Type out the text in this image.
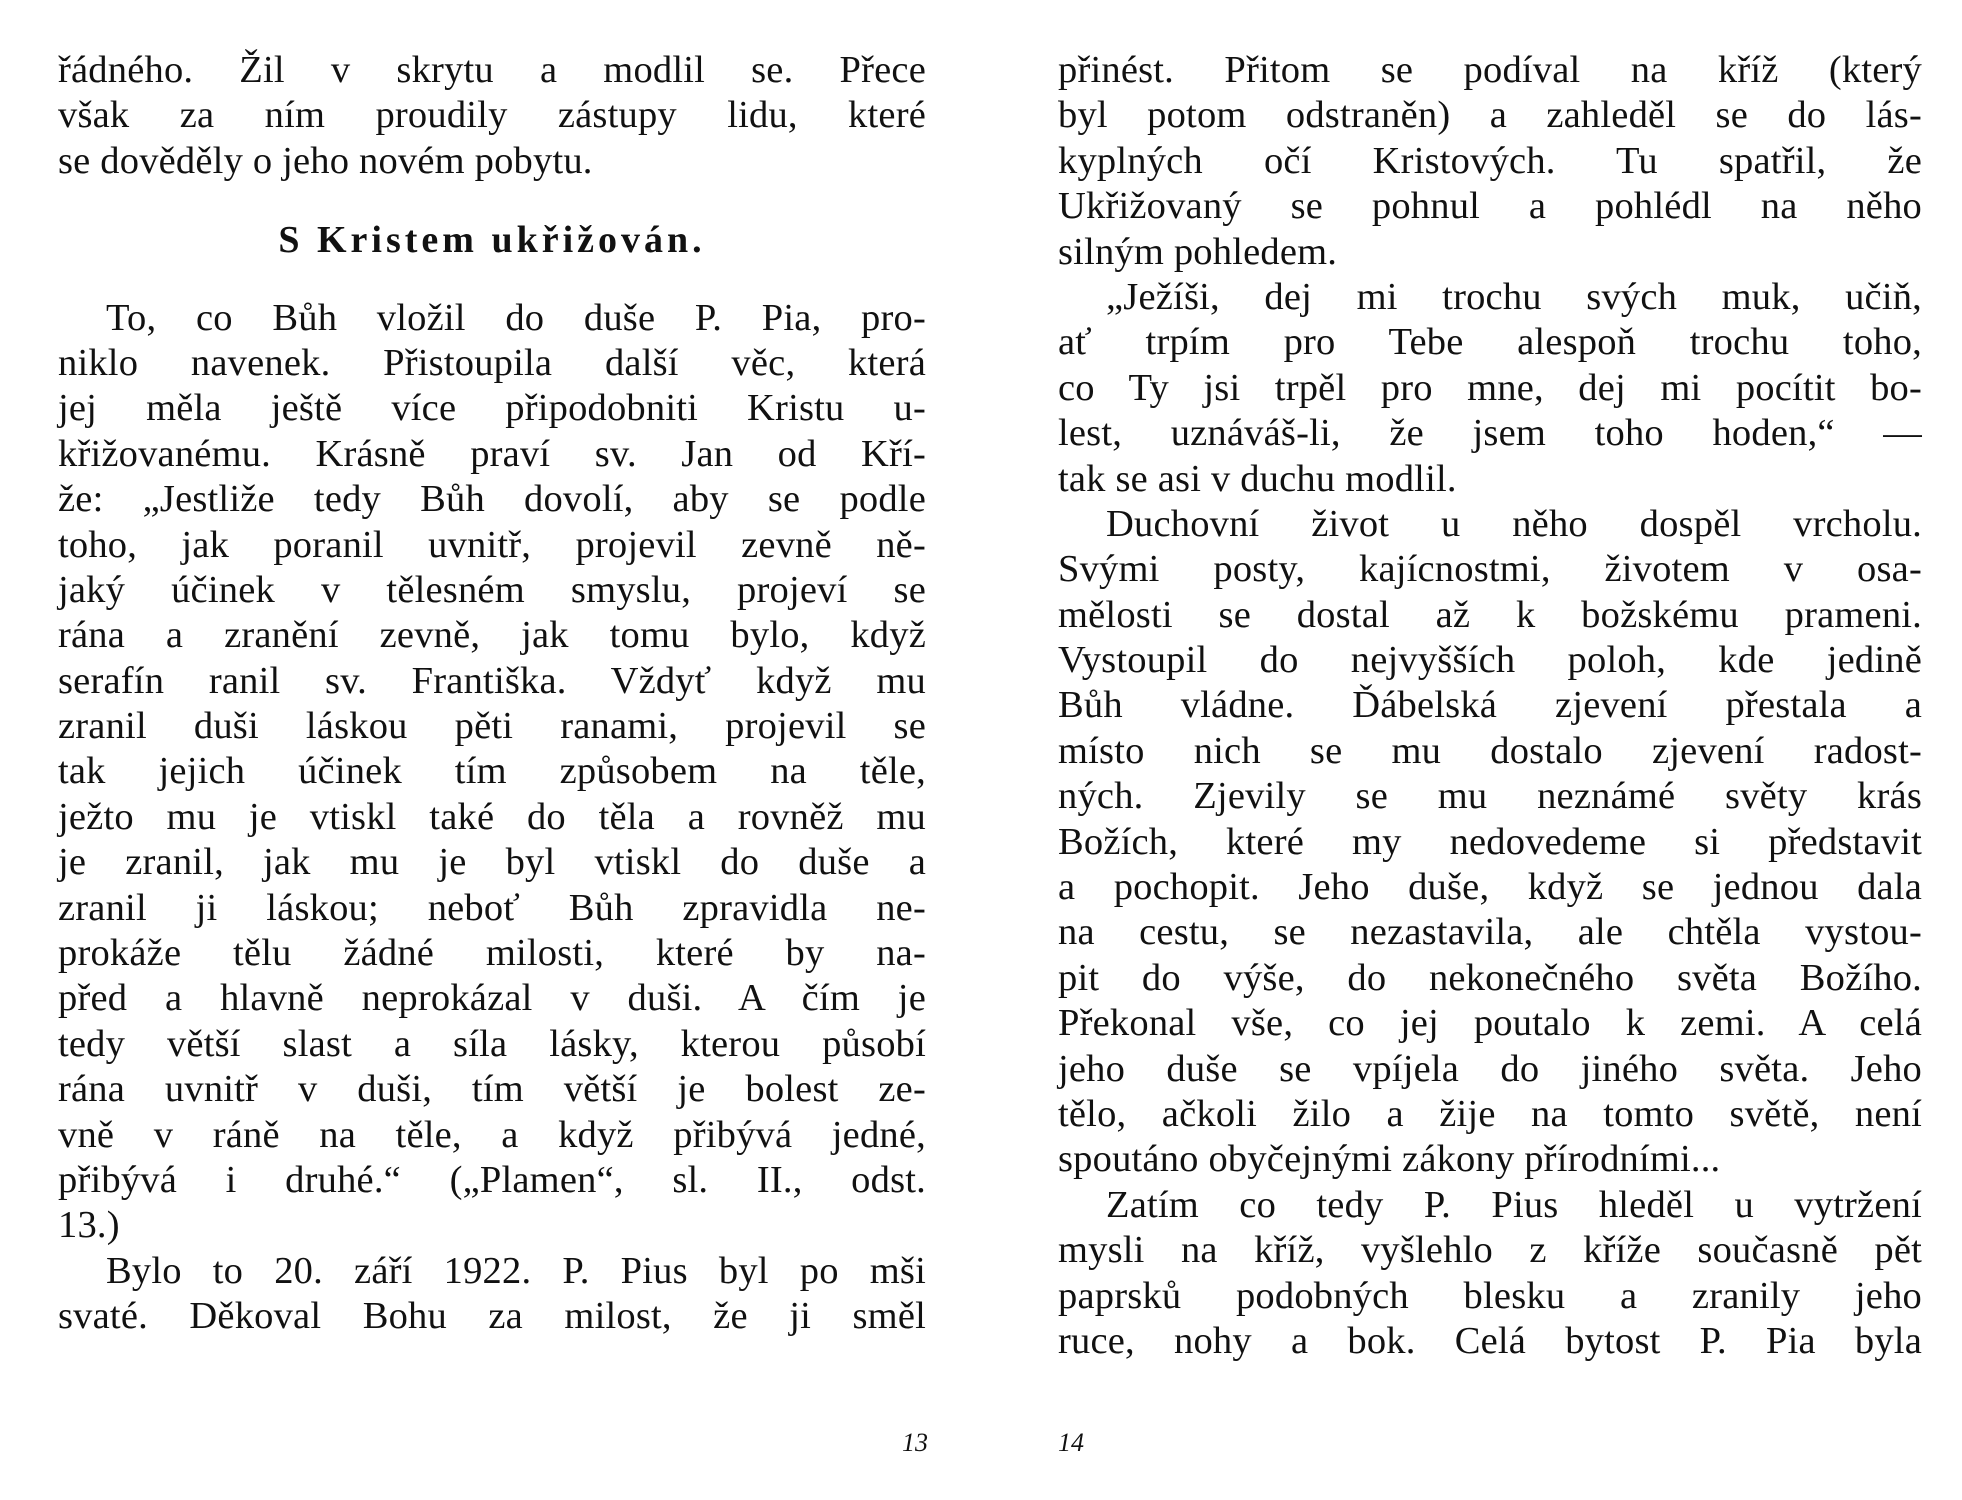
řádného. Žil v skrytu a modlil se. Přece
však za ním proudily zástupy lidu, které
se dověděly o jeho novém pobytu.
S Kristem ukřižován.
To, co Bůh vložil do duše P. Pia, pro-
niklo navenek. Přistoupila další věc, která
jej měla ještě více připodobniti Kristu u-
křižovanému. Krásně praví sv. Jan od Kří-
že: „Jestliže tedy Bůh dovolí, aby se podle
toho, jak poranil uvnitř, projevil zevně ně-
jaký účinek v tělesném smyslu, projeví se
rána a zranění zevně, jak tomu bylo, když
serafín ranil sv. Františka. Vždyť když mu
zranil duši láskou pěti ranami, projevil se
tak jejich účinek tím způsobem na těle,
ježto mu je vtiskl také do těla a rovněž mu
je zranil, jak mu je byl vtiskl do duše a
zranil ji láskou; neboť Bůh zpravidla ne-
prokáže tělu žádné milosti, které by na-
před a hlavně neprokázal v duši. A čím je
tedy větší slast a síla lásky, kterou působí
rána uvnitř v duši, tím větší je bolest ze-
vně v ráně na těle, a když přibývá jedné,
přibývá i druhé.“ („Plamen“, sl. II., odst.
13.)
Bylo to 20. září 1922. P. Pius byl po mši
svaté. Děkoval Bohu za milost, že ji směl
přinést. Přitom se podíval na kříž (který
byl potom odstraněn) a zahleděl se do lás-
kyplných očí Kristových. Tu spatřil, že
Ukřižovaný se pohnul a pohlédl na něho
silným pohledem.
„Ježíši, dej mi trochu svých muk, učiň,
ať trpím pro Tebe alespoň trochu toho,
co Ty jsi trpěl pro mne, dej mi pocítit bo-
lest, uznáváš-li, že jsem toho hoden,“ —
tak se asi v duchu modlil.
Duchovní život u něho dospěl vrcholu.
Svými posty, kajícnostmi, životem v osa-
mělosti se dostal až k božskému prameni.
Vystoupil do nejvyšších poloh, kde jedině
Bůh vládne. Ďábelská zjevení přestala a
místo nich se mu dostalo zjevení radost-
ných. Zjevily se mu neznámé světy krás
Božích, které my nedovedeme si představit
a pochopit. Jeho duše, když se jednou dala
na cestu, se nezastavila, ale chtěla vystou-
pit do výše, do nekonečného světa Božího.
Překonal vše, co jej poutalo k zemi. A celá
jeho duše se vpíjela do jiného světa. Jeho
tělo, ačkoli žilo a žije na tomto světě, není
spoutáno obyčejnými zákony přírodními...
Zatím co tedy P. Pius hleděl u vytržení
mysli na kříž, vyšlehlo z kříže současně pět
paprsků podobných blesku a zranily jeho
ruce, nohy a bok. Celá bytost P. Pia byla
13	14
